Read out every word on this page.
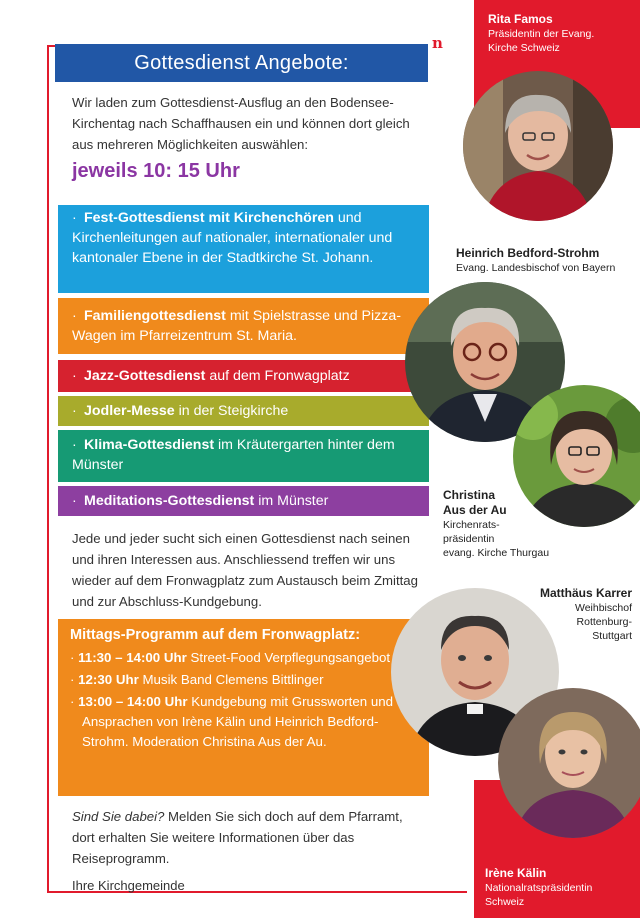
n
Gottesdienst Angebote:

Wir laden zum Gottesdienst-Ausflug an den Bodensee-Kirchentag nach Schaffhausen ein und können dort gleich aus mehreren Möglichkeiten auswählen:

jeweils 10: 15 Uhr
· Fest-Gottesdienst mit Kirchenchören und Kirchenleitungen auf nationaler, internationaler und kantonaler Ebene in der Stadtkirche St. Johann.
· Familiengottesdienst mit Spielstrasse und Pizza-Wagen im Pfarreizentrum St. Maria.
· Jazz-Gottesdienst auf dem Fronwagplatz
· Jodler-Messe in der Steigkirche
· Klima-Gottesdienst im Kräutergarten hinter dem Münster
· Meditations-Gottesdienst im Münster

Jede und jeder sucht sich einen Gottesdienst nach seinen und ihren Interessen aus. Anschliessend treffen wir uns wieder auf dem Fronwagplatz zum Austausch beim Zmittag und zur Abschluss-Kundgebung.

Mittags-Programm auf dem Fronwagplatz:
· 11:30 – 14:00 Uhr Street-Food Verpflegungsangebot
· 12:30 Uhr Musik Band Clemens Bittlinger
· 13:00 – 14:00 Uhr Kundgebung mit Grussworten und Ansprachen von Irène Kälin und Heinrich Bedford-Strohm. Moderation Christina Aus der Au.

Sind Sie dabei? Melden Sie sich doch auf dem Pfarramt, dort erhalten Sie weitere Informationen über das Reiseprogramm.

Ihre Kirchgemeinde
Rita Famos
Präsidentin der Evang.
Kirche Schweiz
Heinrich Bedford-Strohm
Evang. Landesbischof von Bayern
Christina
Aus der Au
Kirchenrats-
präsidentin
evang. Kirche Thurgau
Matthäus Karrer
Weihbischof
Rottenburg-
Stuttgart
Irène Kälin
Nationalratspräsidentin
Schweiz
